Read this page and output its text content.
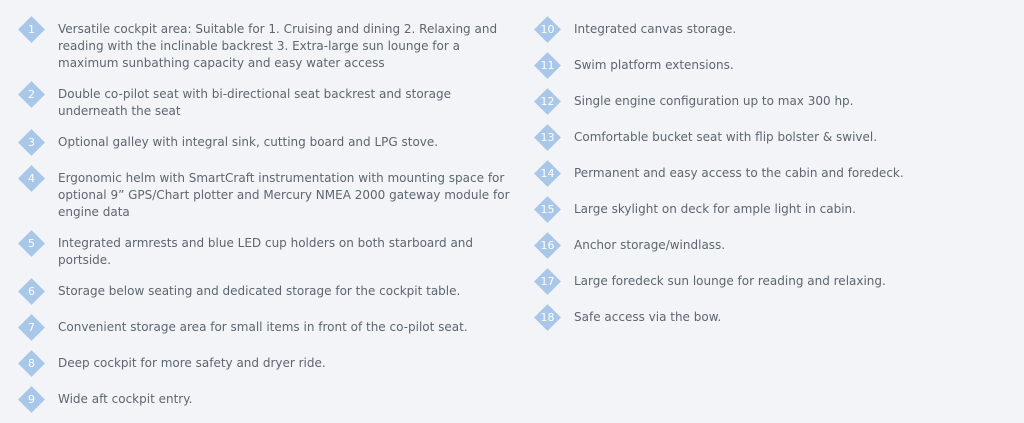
1	Versatile cockpit area: Suitable for 1. Cruising and dining 2. Relaxing and reading with the inclinable backrest 3. Extra-large sun lounge for a maximum sunbathing capacity and easy water access
2	Double co-pilot seat with bi-directional seat backrest and storage underneath the seat
3	Optional galley with integral sink, cutting board and LPG stove.
4	Ergonomic helm with SmartCraft instrumentation with mounting space for optional 9” GPS/Chart plotter and Mercury NMEA 2000 gateway module for engine data
5	Integrated armrests and blue LED cup holders on both starboard and portside.
6	Storage below seating and dedicated storage for the cockpit table.
7	Convenient storage area for small items in front of the co-pilot seat.
8	Deep cockpit for more safety and dryer ride.
9	Wide aft cockpit entry.
10	Integrated canvas storage.
11	Swim platform extensions.
12	Single engine configuration up to max 300 hp.
13	Comfortable bucket seat with flip bolster & swivel.
14	Permanent and easy access to the cabin and foredeck.
15	Large skylight on deck for ample light in cabin.
16	Anchor storage/windlass.
17	Large foredeck sun lounge for reading and relaxing.
18	Safe access via the bow.
